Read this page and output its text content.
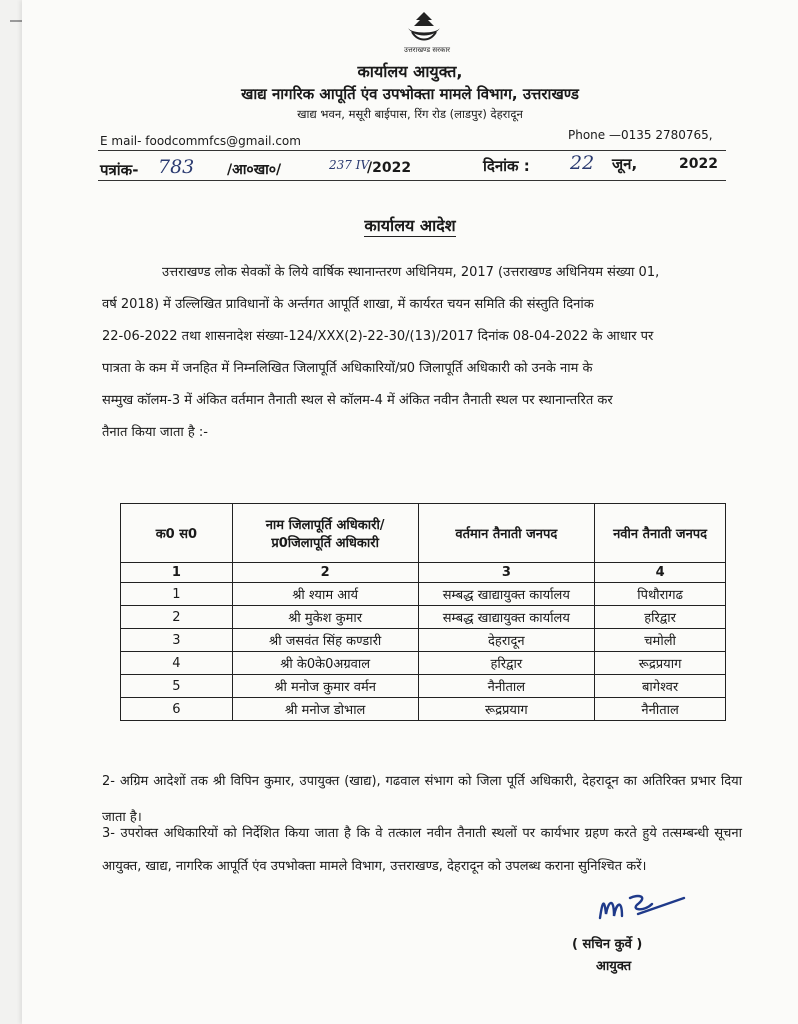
उत्तराखण्ड सरकार
कार्यालय आयुक्त,
खाद्य नागरिक आपूर्ति एंव उपभोक्ता मामले विभाग, उत्तराखण्ड
खाद्य भवन, मसूरी बाईपास, रिंग रोड (लाडपुर) देहरादून
E mail- foodcommfcs@gmail.com	Phone —0135 2780765,
पत्रांक- 783 /आ०खा०/	237 IV
/2022	दिनांक : 22 जून,	2022
कार्यालय आदेश
उत्तराखण्ड लोक सेवकों के लिये वार्षिक स्थानान्तरण अधिनियम, 2017 (उत्तराखण्ड अधिनियम संख्या 01,
वर्ष 2018) में उल्लिखित प्राविधानों के अर्न्तगत आपूर्ति शाखा, में कार्यरत चयन समिति की संस्तुति दिनांक
22-06-2022 तथा शासनादेश संख्या-124/XXX(2)-22-30/(13)/2017 दिनांक 08-04-2022 के आधार पर
पात्रता के कम में जनहित में निम्नलिखित जिलापूर्ति अधिकारियों/प्र0 जिलापूर्ति अधिकारी को उनके नाम के
सम्मुख कॉलम-3 में अंकित वर्तमान तैनाती स्थल से कॉलम-4 में अंकित नवीन तैनाती स्थल पर स्थानान्तरित कर
तैनात किया जाता है :-
क0 स0	नाम जिलापूर्ति अधिकारी/प्र0जिलापूर्ति अधिकारी	वर्तमान तैनाती जनपद	नवीन तैनाती जनपद
1	2	3	4
1	श्री श्याम आर्य	सम्बद्ध खाद्यायुक्त कार्यालय	पिथौरागढ
2	श्री मुकेश कुमार	सम्बद्ध खाद्यायुक्त कार्यालय	हरिद्वार
3	श्री जसवंत सिंह कण्डारी	देहरादून	चमोली
4	श्री के0के0अग्रवाल	हरिद्वार	रूद्रप्रयाग
5	श्री मनोज कुमार वर्मन	नैनीताल	बागेश्वर
6	श्री मनोज डोभाल	रूद्रप्रयाग	नैनीताल
2- अग्रिम आदेशों तक श्री विपिन कुमार, उपायुक्त (खाद्य), गढवाल संभाग को जिला पूर्ति अधिकारी, देहरादून का अतिरिक्त प्रभार दिया जाता है।
3- उपरोक्त अधिकारियों को निर्देशित किया जाता है कि वे तत्काल नवीन तैनाती स्थलों पर कार्यभार ग्रहण करते हुये तत्सम्बन्धी सूचना आयुक्त, खाद्य, नागरिक आपूर्ति एंव उपभोक्ता मामले विभाग, उत्तराखण्ड, देहरादून को उपलब्ध कराना सुनिश्चित करें।
( सचिन कुर्वे )
आयुक्त
